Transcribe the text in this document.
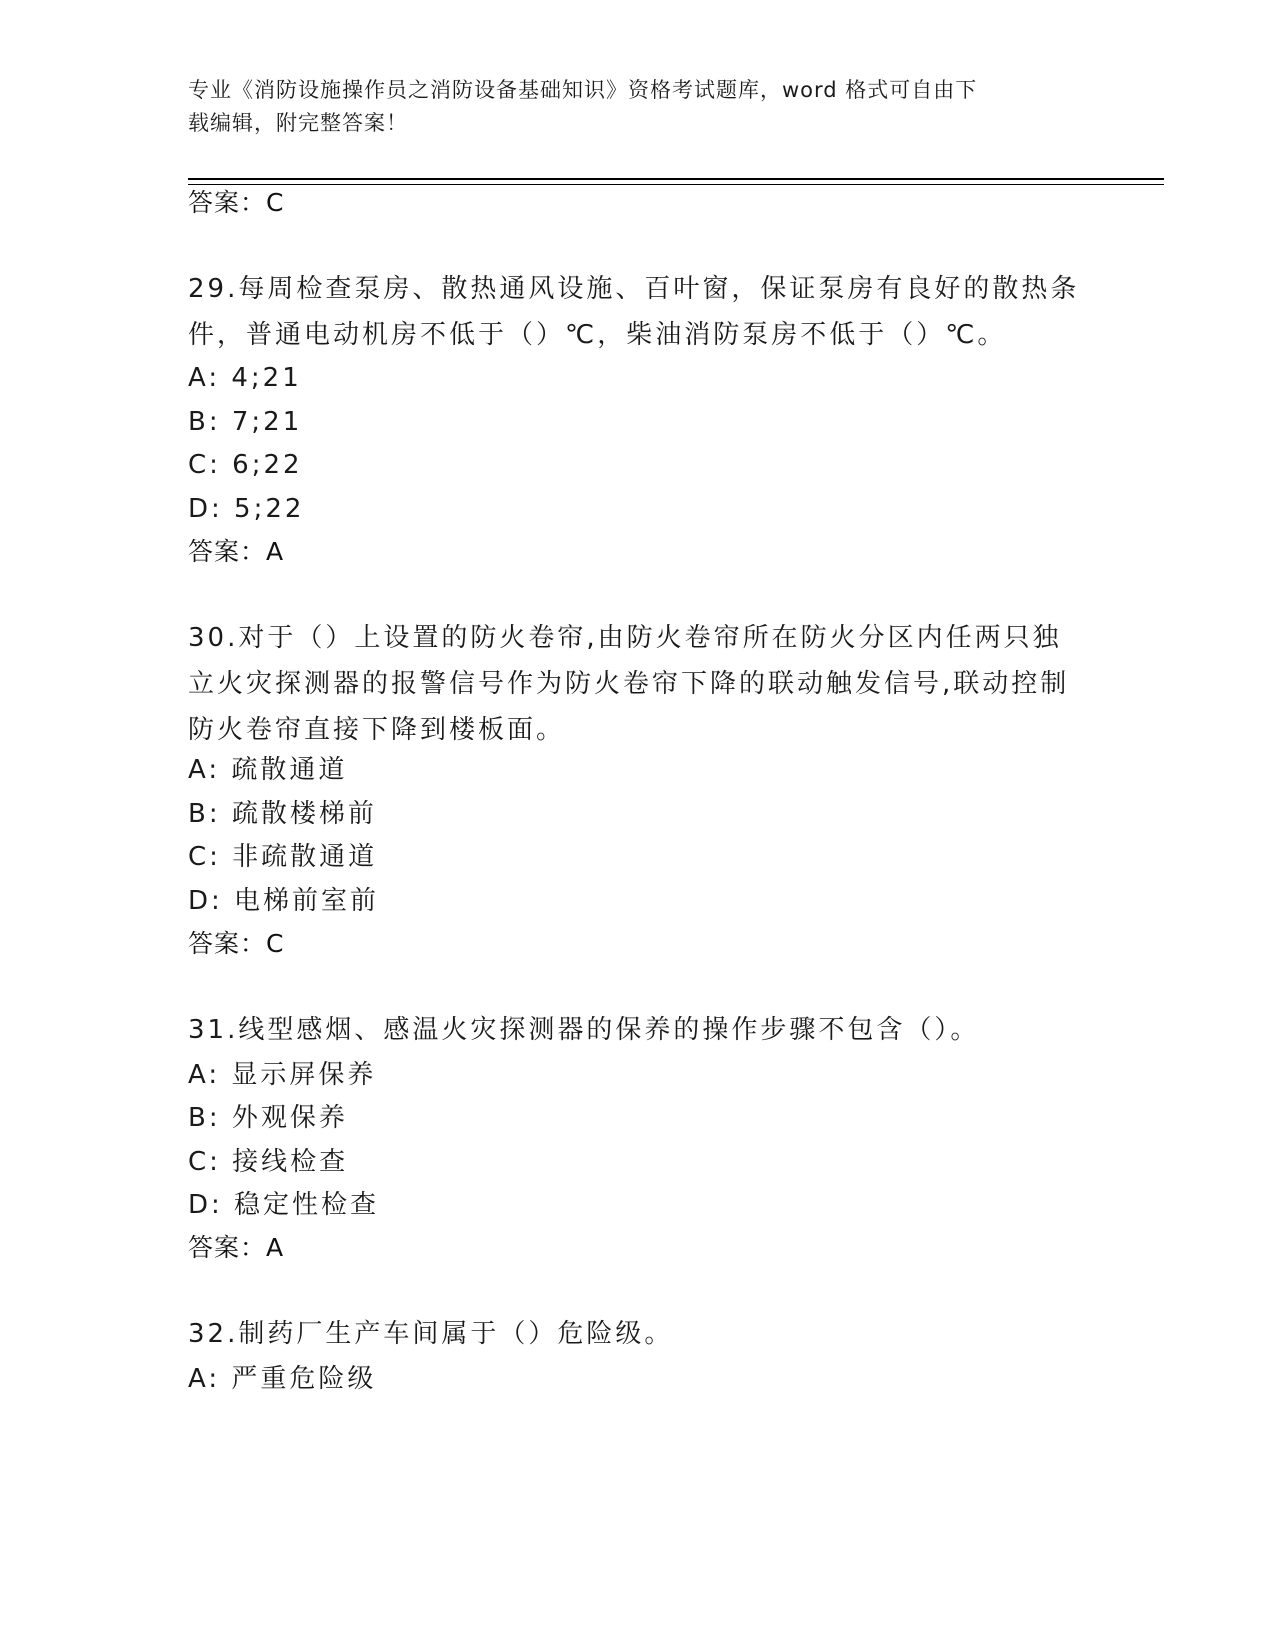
专业《消防设施操作员之消防设备基础知识》资格考试题库，word 格式可自由下
载编辑，附完整答案！
答案：C
29.每周检查泵房、散热通风设施、百叶窗，保证泵房有良好的散热条
件，普通电动机房不低于（）℃，柴油消防泵房不低于（）℃。
A: 4;21
B: 7;21
C: 6;22
D: 5;22
答案：A
30.对于（）上设置的防火卷帘,由防火卷帘所在防火分区内任两只独
立火灾探测器的报警信号作为防火卷帘下降的联动触发信号,联动控制
防火卷帘直接下降到楼板面。
A: 疏散通道
B: 疏散楼梯前
C: 非疏散通道
D: 电梯前室前
答案：C
31.线型感烟、感温火灾探测器的保养的操作步骤不包含（）。
A: 显示屏保养
B: 外观保养
C: 接线检查
D: 稳定性检查
答案：A
32.制药厂生产车间属于（）危险级。
A: 严重危险级
